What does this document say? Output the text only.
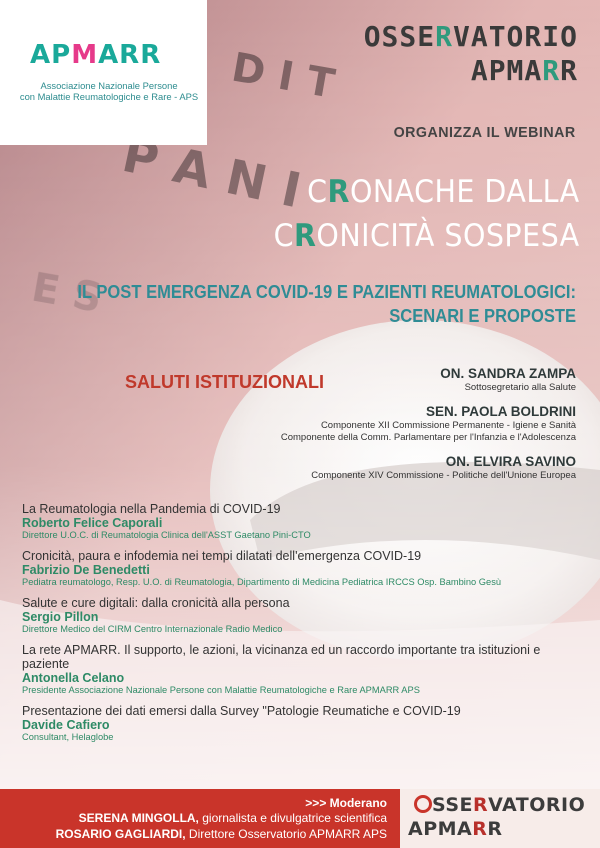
APMARR
Associazione Nazionale Persone
con Malattie Reumatologiche e Rare - APS
OSSERVATORIO
APMARR
ORGANIZZA IL WEBINAR
CRONACHE DALLA
CRONICITÀ SOSPESA
IL POST EMERGENZA COVID-19 E PAZIENTI REUMATOLOGICI:
SCENARI E PROPOSTE
SALUTI ISTITUZIONALI	ON. SANDRA ZAMPA
Sottosegretario alla Salute
SEN. PAOLA BOLDRINI
Componente XII Commissione Permanente - Igiene e Sanità
Componente della Comm. Parlamentare per l'Infanzia e l'Adolescenza
ON. ELVIRA SAVINO
Componente XIV Commissione - Politiche dell'Unione Europea
La Reumatologia nella Pandemia di COVID-19
Roberto Felice Caporali
Direttore U.O.C. di Reumatologia Clinica dell'ASST Gaetano Pini-CTO
Cronicità, paura e infodemia nei tempi dilatati dell'emergenza COVID-19
Fabrizio De Benedetti
Pediatra reumatologo, Resp. U.O. di Reumatologia, Dipartimento di Medicina Pediatrica IRCCS Osp. Bambino Gesù
Salute e cure digitali: dalla cronicità alla persona
Sergio Pillon
Direttore Medico del CIRM Centro Internazionale Radio Medico
La rete APMARR. Il supporto, le azioni, la vicinanza ed un raccordo importante tra istituzioni e paziente
Antonella Celano
Presidente Associazione Nazionale Persone con Malattie Reumatologiche e Rare APMARR APS
Presentazione dei dati emersi dalla Survey "Patologie Reumatiche e COVID-19
Davide Cafiero
Consultant, Helaglobe
>>> Moderano
SERENA MINGOLLA, giornalista e divulgatrice scientifica
ROSARIO GAGLIARDI, Direttore Osservatorio APMARR APS
SSERVATORIO
APMARR
